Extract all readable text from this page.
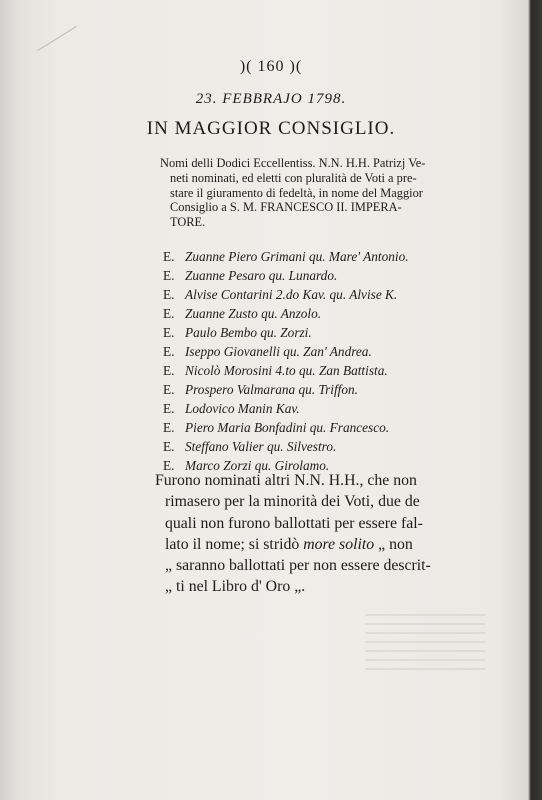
)( 160 )(
23. FEBBRAJO 1798.
IN MAGGIOR CONSIGLIO.
Nomi delli Dodici Eccellentiss. N.N. H.H. Patrizj Ve-
neti nominati, ed eletti con pluralità de Voti a pre-
stare il giuramento di fedeltà, in nome del Maggior
Consiglio a S. M. FRANCESCO II. IMPERA-
TORE.
E. Zuanne Piero Grimani qu. Mare' Antonio.
E. Zuanne Pesaro qu. Lunardo.
E. Alvise Contarini 2.do Kav. qu. Alvise K.
E. Zuanne Zusto qu. Anzolo.
E. Paulo Bembo qu. Zorzi.
E. Iseppo Giovanelli qu. Zan' Andrea.
E. Nicolò Morosini 4.to qu. Zan Battista.
E. Prospero Valmarana qu. Triffon.
E. Lodovico Manin Kav.
E. Piero Maria Bonfadini qu. Francesco.
E. Steffano Valier qu. Silvestro.
E. Marco Zorzi qu. Girolamo.
Furono nominati altri N.N. H.H., che non
rimasero per la minorità dei Voti, due de
quali non furono ballottati per essere fal-
lato il nome; si stridò more solito „ non
„ saranno ballottati per non essere descrit-
„ ti nel Libro d' Oro „.
